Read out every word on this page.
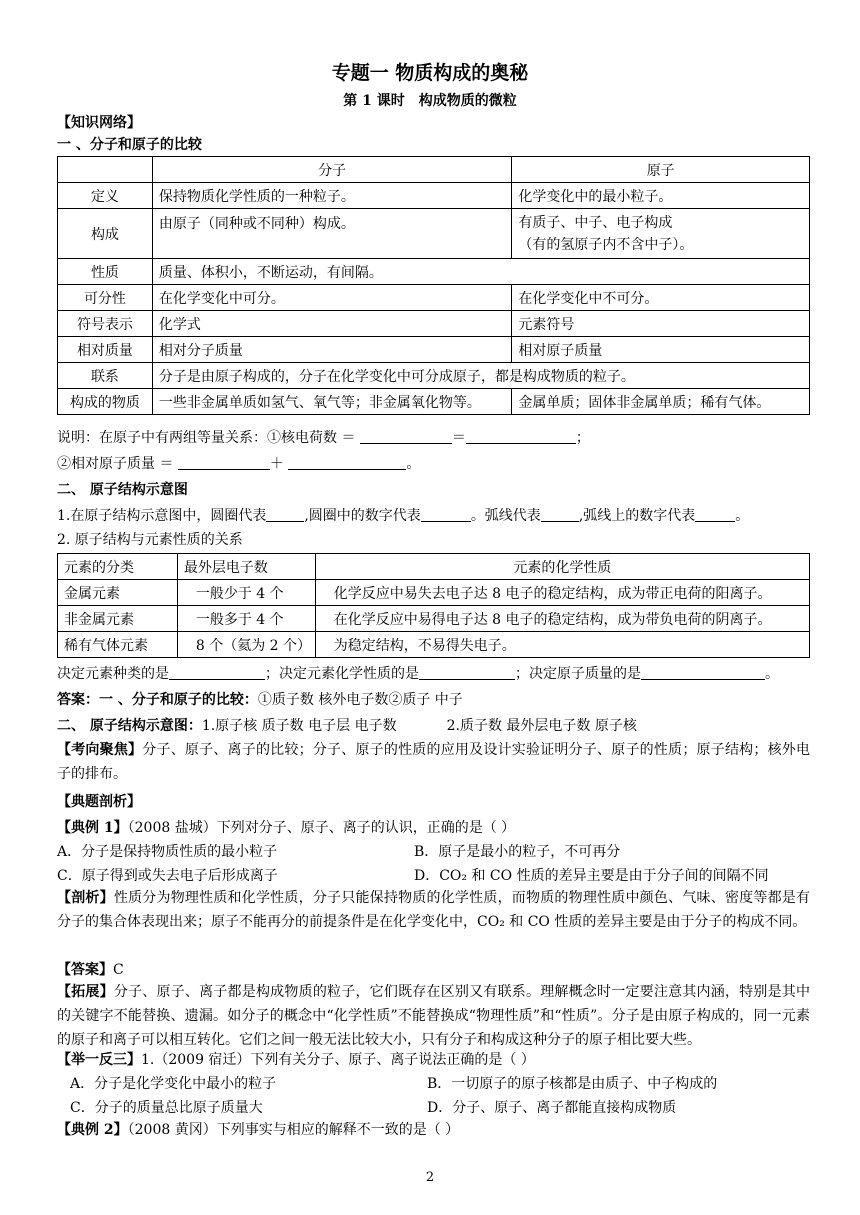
专题一 物质构成的奥秘
第 1 课时 构成物质的微粒
【知识网络】
一 、分子和原子的比较
	分子	原子
定义	保持物质化学性质的一种粒子。	化学变化中的最小粒子。
构成	由原子（同种或不同种）构成。	有质子、中子、电子构成
（有的氢原子内不含中子）。

性质	质量、体积小，不断运动，有间隔。	
可分性	在化学变化中可分。	在化学变化中不可分。
符号表示	化学式	元素符号
相对质量	相对分子质量	相对原子质量
联系	分子是由原子构成的，分子在化学变化中可分成原子，都是构成物质的粒子。	
构成的物质	一些非金属单质如氢气、氧气等；非金属氧化物等。	金属单质；固体非金属单质；稀有气体。
说明：在原子中有两组等量关系：①核电荷数 ＝	＝	；
②相对原子质量 ＝	＋	。
二、 原子结构示意图
1.在原子结构示意图中，圆圈代表	,圆圈中的数字代表	。弧线代表	,弧线上的数字代表	。
2. 原子结构与元素性质的关系
元素的分类	最外层电子数	元素的化学性质
金属元素	一般少于 4 个	化学反应中易失去电子达 8 电子的稳定结构，成为带正电荷的阳离子。
非金属元素	一般多于 4 个	在化学反应中易得电子达 8 电子的稳定结构，成为带负电荷的阴离子。
稀有气体元素	8 个（氦为 2 个）	为稳定结构，不易得失电子。
决定元素种类的是	；决定元素化学性质的是	；决定原子质量的是	。
答案：一 、分子和原子的比较：①质子数 核外电子数②质子 中子
二、 原子结构示意图：1.原子核 质子数 电子层 电子数	2.质子数 最外层电子数 原子核
【考向聚焦】分子、原子、离子的比较；分子、原子的性质的应用及设计实验证明分子、原子的性质；原子结构；核外电子的排布。
【典题剖析】
【典例 1】（2008 盐城）下列对分子、原子、离子的认识，正确的是（ ）
A．分子是保持物质性质的最小粒子	B．原子是最小的粒子，不可再分
C．原子得到或失去电子后形成离子	D．CO₂ 和 CO 性质的差异主要是由于分子间的间隔不同
【剖析】性质分为物理性质和化学性质，分子只能保持物质的化学性质，而物质的物理性质中颜色、气味、密度等都是有分子的集合体表现出来；原子不能再分的前提条件是在化学变化中，CO₂ 和 CO 性质的差异主要是由于分子的构成不同。
【答案】C
【拓展】分子、原子、离子都是构成物质的粒子，它们既存在区别又有联系。理解概念时一定要注意其内涵，特别是其中的关键字不能替换、遗漏。如分子的概念中“化学性质”不能替换成“物理性质”和“性质”。分子是由原子构成的，同一元素的原子和离子可以相互转化。它们之间一般无法比较大小，只有分子和构成这种分子的原子相比要大些。
【举一反三】1.（2009 宿迁）下列有关分子、原子、离子说法正确的是（ ）
A．分子是化学变化中最小的粒子	B．一切原子的原子核都是由质子、中子构成的
C．分子的质量总比原子质量大	D．分子、原子、离子都能直接构成物质
【典例 2】（2008 黄冈）下列事实与相应的解释不一致的是（ ）
2
